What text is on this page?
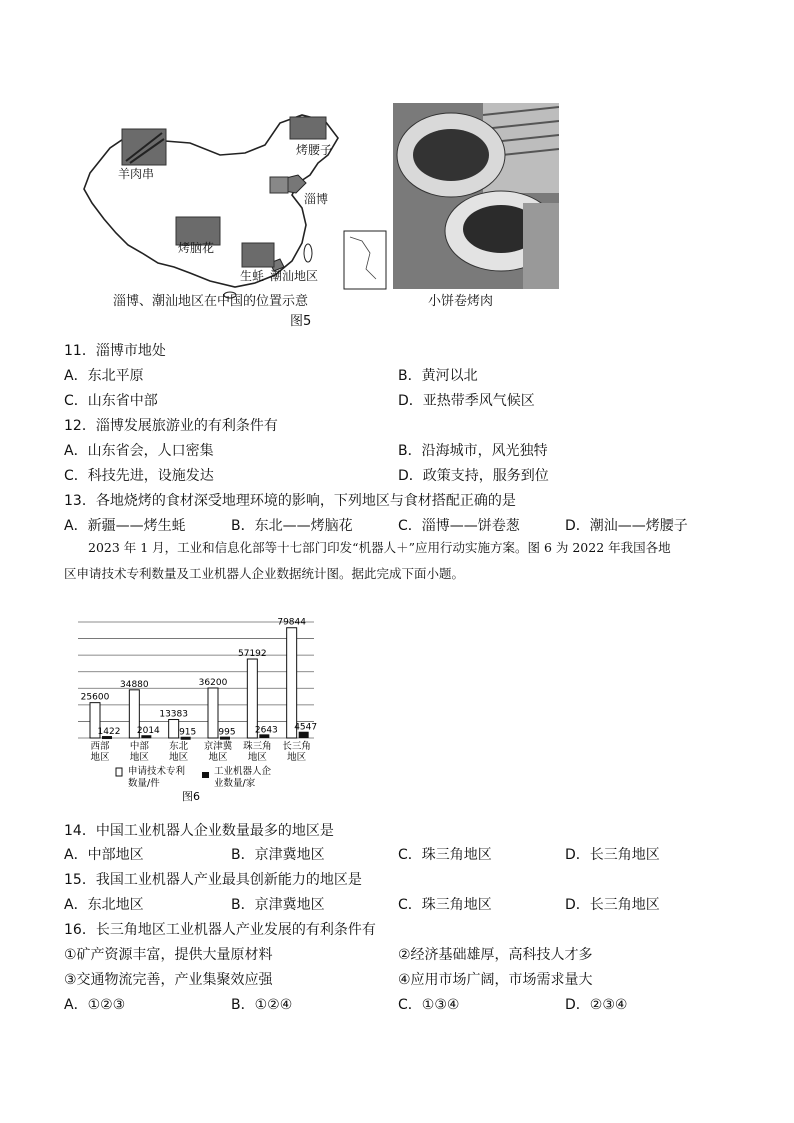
羊肉串
烤腰子
淄博
烤脑花
生蚝 潮汕地区
淄博、潮汕地区在中国的位置示意	小饼卷烤肉
图5
11．淄博市地处
A．东北平原	B．黄河以北
C．山东省中部	D．亚热带季风气候区
12．淄博发展旅游业的有利条件有
A．山东省会，人口密集	B．沿海城市，风光独特
C．科技先进，设施发达	D．政策支持，服务到位
13．各地烧烤的食材深受地理环境的影响，下列地区与食材搭配正确的是
A．新疆——烤生蚝	B．东北——烤脑花	C．淄博——饼卷葱	D．潮汕——烤腰子
2023 年 1 月，工业和信息化部等十七部门印发“机器人＋”应用行动实施方案。图 6 为 2022 年我国各地
区申请技术专利数量及工业机器人企业数据统计图。据此完成下面小题。
25600
1422
西部
地区
34880
2014
中部
地区
13383
915
东北
地区
36200
995
京津冀
地区
57192
2643
珠三角
地区
79844
4547
长三角
地区
申请技术专利
数量/件
工业机器人企
业数量/家
图6
14．中国工业机器人企业数量最多的地区是
A．中部地区	B．京津冀地区	C．珠三角地区	D．长三角地区
15．我国工业机器人产业最具创新能力的地区是
A．东北地区	B．京津冀地区	C．珠三角地区	D．长三角地区
16．长三角地区工业机器人产业发展的有利条件有
①矿产资源丰富，提供大量原材料	②经济基础雄厚，高科技人才多
③交通物流完善，产业集聚效应强	④应用市场广阔，市场需求量大
A．①②③	B．①②④	C．①③④	D．②③④
